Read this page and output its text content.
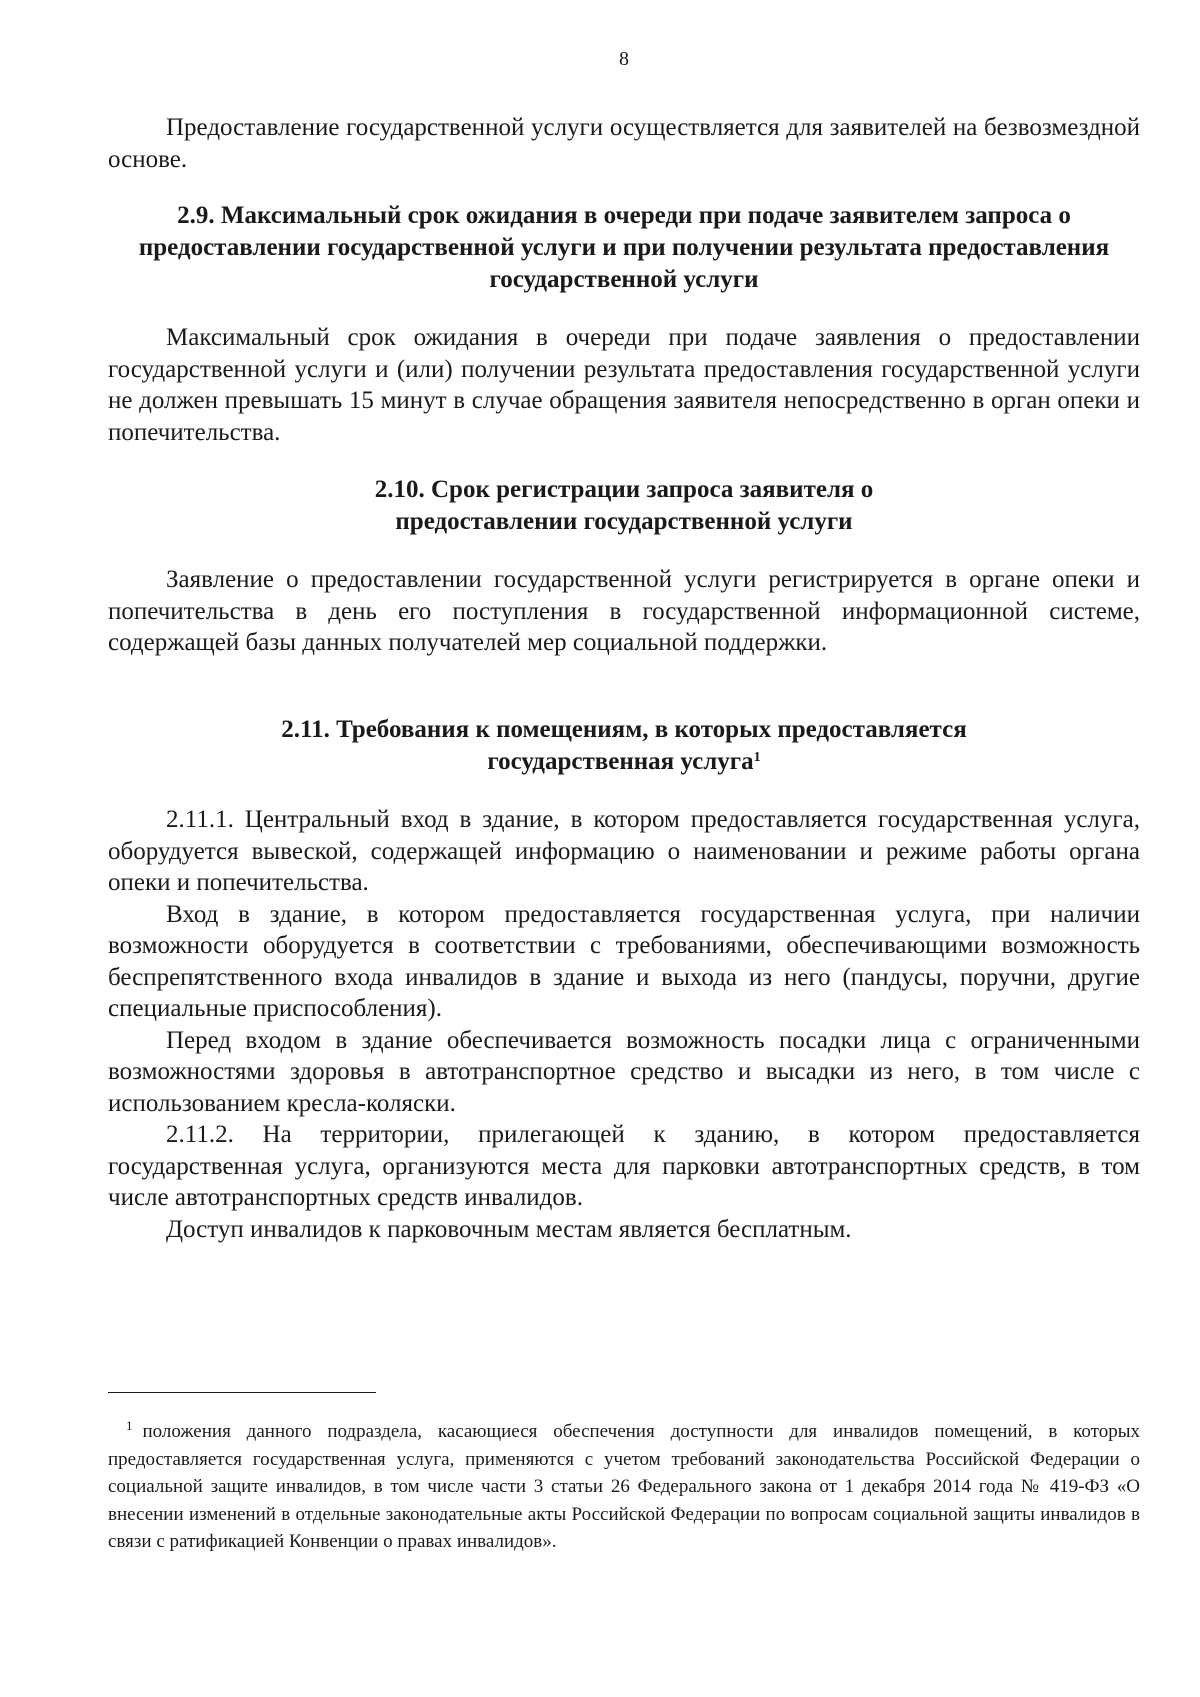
8

Предоставление государственной услуги осуществляется для заявителей на безвозмездной основе.

2.9. Максимальный срок ожидания в очереди при подаче заявителем запроса о предоставлении государственной услуги и при получении результата предоставления государственной услуги

Максимальный срок ожидания в очереди при подаче заявления о предоставлении государственной услуги и (или) получении результата предоставления государственной услуги не должен превышать 15 минут в случае обращения заявителя непосредственно в орган опеки и попечительства.

2.10. Срок регистрации запроса заявителя о предоставлении государственной услуги

Заявление о предоставлении государственной услуги регистрируется в органе опеки и попечительства в день его поступления в государственной информационной системе, содержащей базы данных получателей мер социальной поддержки.

2.11. Требования к помещениям, в которых предоставляется государственная услуга$^1$

2.11.1. Центральный вход в здание, в котором предоставляется государственная услуга, оборудуется вывеской, содержащей информацию о наименовании и режиме работы органа опеки и попечительства.

Вход в здание, в котором предоставляется государственная услуга, при наличии возможности оборудуется в соответствии с требованиями, обеспечивающими возможность беспрепятственного входа инвалидов в здание и выхода из него (пандусы, поручни, другие специальные приспособления).

Перед входом в здание обеспечивается возможность посадки лица с ограниченными возможностями здоровья в автотранспортное средство и высадки из него, в том числе с использованием кресла-коляски.

2.11.2. На территории, прилегающей к зданию, в котором предоставляется государственная услуга, организуются места для парковки автотранспортных средств, в том числе автотранспортных средств инвалидов.

Доступ инвалидов к парковочным местам является бесплатным.

$^1$ положения данного подраздела, касающиеся обеспечения доступности для инвалидов помещений, в которых предоставляется государственная услуга, применяются с учетом требований законодательства Российской Федерации о социальной защите инвалидов, в том числе части 3 статьи 26 Федерального закона от 1 декабря 2014 года № 419-ФЗ «О внесении изменений в отдельные законодательные акты Российской Федерации по вопросам социальной защиты инвалидов в связи с ратификацией Конвенции о правах инвалидов».
